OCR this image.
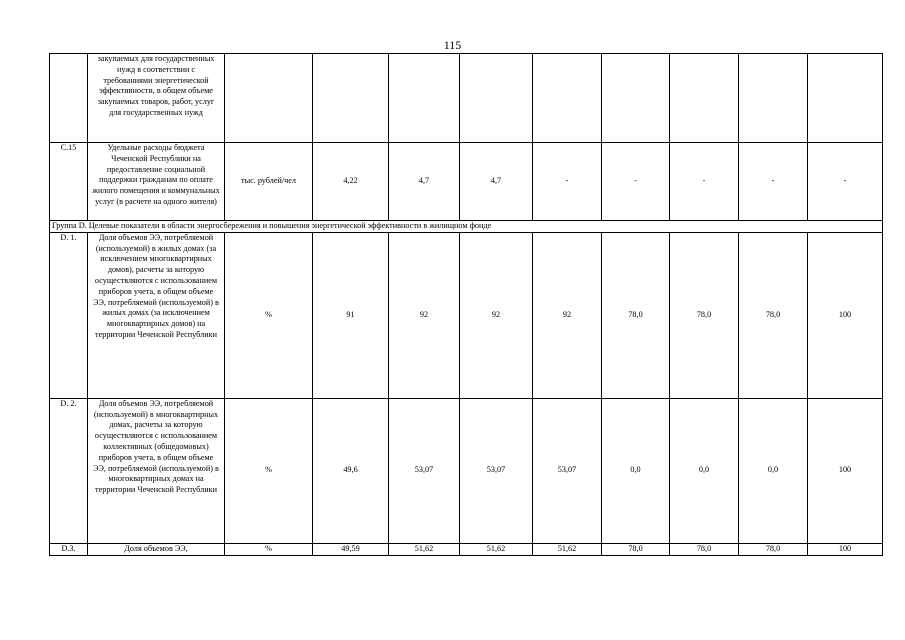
115
	закупаемых для государственных нужд в соответствии с требованиями энергетической эффективности, в общем объеме закупаемых товаров, работ, услуг для государственных нужд									
C.15	Удельные расходы бюджета Чеченской Республики на предоставление социальной поддержки гражданам по оплате жилого помещения и коммунальных услуг (в расчете на одного жителя)	тыс. рублей/чел	4,22	4,7	4,7	-	-	-	-	-
Группа D. Целевые показатели в области энергосбережения и повышения энергетической эффективности в жилищном фонде										
D. 1.	Доля объемов ЭЭ, потребляемой (используемой) в жилых домах (за исключением многоквартирных домов), расчеты за которую осуществляются с использованием приборов учета, в общем объеме ЭЭ, потребляемой (используемой) в жилых домах (за исключением многоквартирных домов) на территории Чеченской Республики	%	91	92	92	92	78,0	78,0	78,0	100
D. 2.	Доля объемов ЭЭ, потребляемой (используемой) в многоквартирных домах, расчеты за которую осуществляются с использованием коллективных (общедомовых) приборов учета, в общем объеме ЭЭ, потребляемой (используемой) в многоквартирных домах на территории Чеченской Республики	%	49,6	53,07	53,07	53,07	0,0	0,0	0,0	100
D.3.	Доля объемов ЭЭ,	%	49,59	51,62	51,62	51,62	78,0	78,0	78,0	100
